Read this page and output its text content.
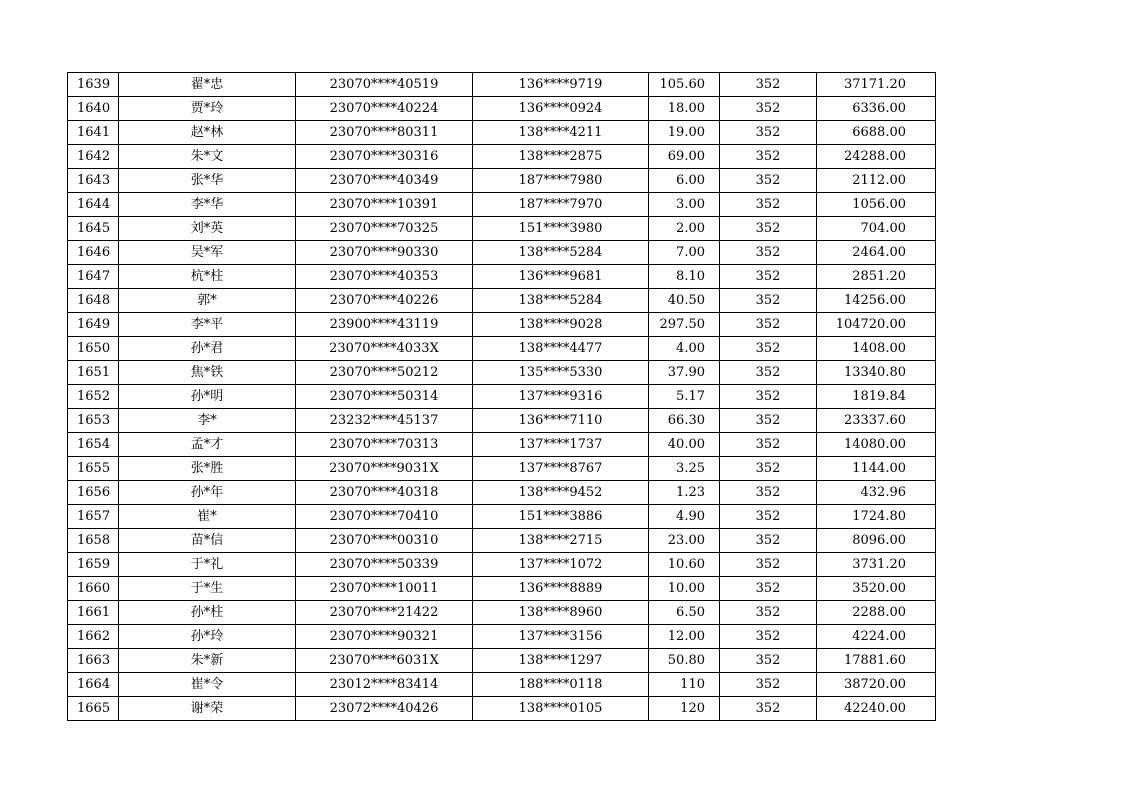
1639	翟*忠	23070****40519	136****9719	105.60	352	37171.20
1640	贾*玲	23070****40224	136****0924	18.00	352	6336.00
1641	赵*林	23070****80311	138****4211	19.00	352	6688.00
1642	朱*文	23070****30316	138****2875	69.00	352	24288.00
1643	张*华	23070****40349	187****7980	6.00	352	2112.00
1644	李*华	23070****10391	187****7970	3.00	352	1056.00
1645	刘*英	23070****70325	151****3980	2.00	352	704.00
1646	吴*军	23070****90330	138****5284	7.00	352	2464.00
1647	杭*柱	23070****40353	136****9681	8.10	352	2851.20
1648	郭*	23070****40226	138****5284	40.50	352	14256.00
1649	李*平	23900****43119	138****9028	297.50	352	104720.00
1650	孙*君	23070****4033X	138****4477	4.00	352	1408.00
1651	焦*铁	23070****50212	135****5330	37.90	352	13340.80
1652	孙*明	23070****50314	137****9316	5.17	352	1819.84
1653	李*	23232****45137	136****7110	66.30	352	23337.60
1654	孟*才	23070****70313	137****1737	40.00	352	14080.00
1655	张*胜	23070****9031X	137****8767	3.25	352	1144.00
1656	孙*年	23070****40318	138****9452	1.23	352	432.96
1657	崔*	23070****70410	151****3886	4.90	352	1724.80
1658	苗*信	23070****00310	138****2715	23.00	352	8096.00
1659	于*礼	23070****50339	137****1072	10.60	352	3731.20
1660	于*生	23070****10011	136****8889	10.00	352	3520.00
1661	孙*柱	23070****21422	138****8960	6.50	352	2288.00
1662	孙*玲	23070****90321	137****3156	12.00	352	4224.00
1663	朱*新	23070****6031X	138****1297	50.80	352	17881.60
1664	崔*令	23012****83414	188****0118	110	352	38720.00
1665	谢*荣	23072****40426	138****0105	120	352	42240.00
